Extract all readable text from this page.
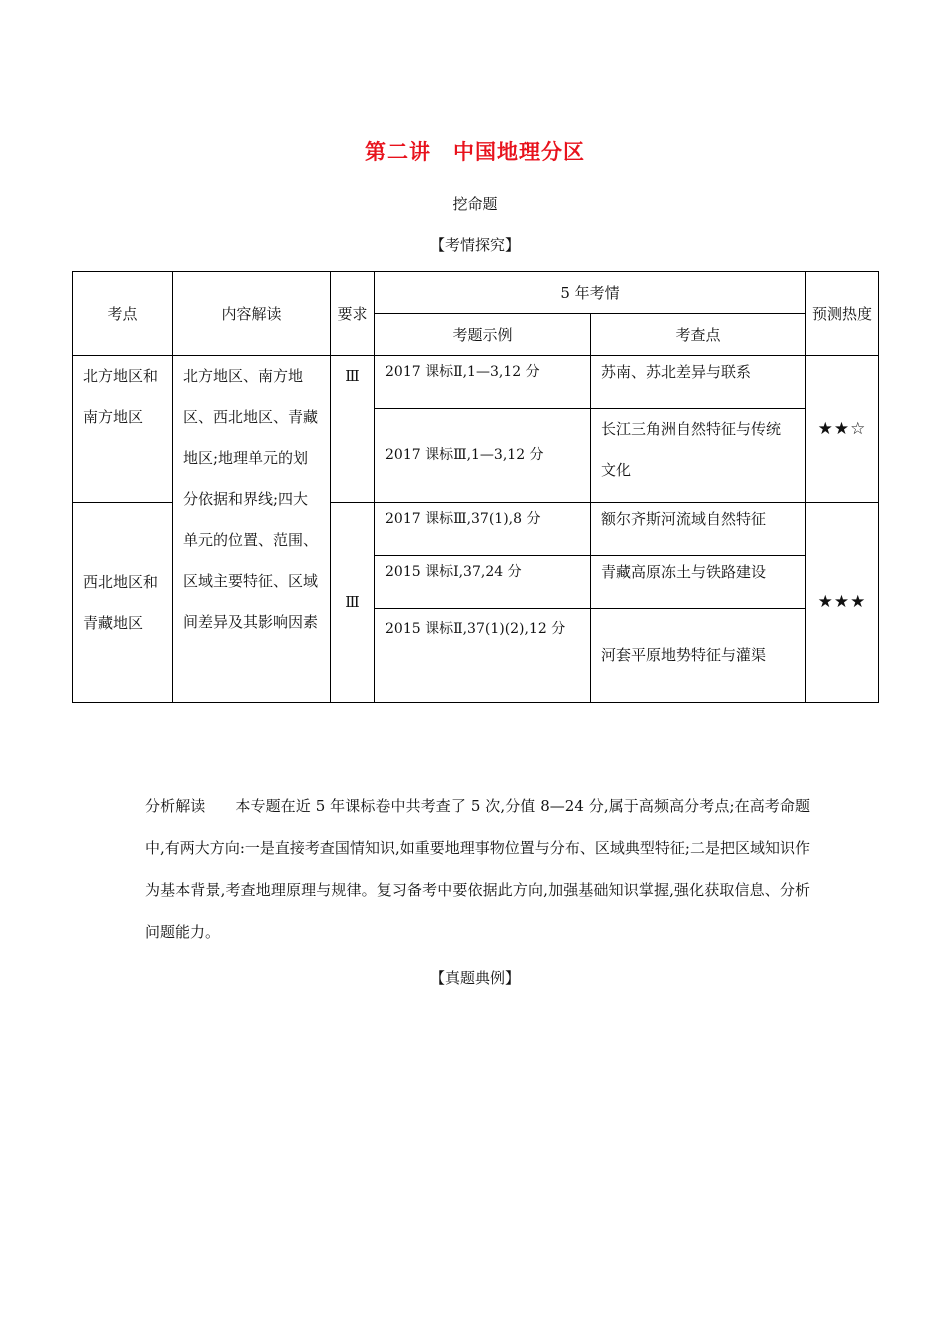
第二讲　中国地理分区
挖命题
【考情探究】
考点	内容解读	要求	5 年考情		预测热度
			考题示例	考查点	
北方地区和南方地区	北方地区、南方地区、西北地区、青藏地区;地理单元的划分依据和界线;四大单元的位置、范围、区域主要特征、区域间差异及其影响因素	Ⅲ	2017 课标Ⅱ,1—3,12 分	苏南、苏北差异与联系	★★☆
			2017 课标Ⅲ,1—3,12 分	长江三角洲自然特征与传统文化	
西北地区和青藏地区		Ⅲ	2017 课标Ⅲ,37(1),8 分	额尔齐斯河流域自然特征	★★★
			2015 课标Ⅰ,37,24 分	青藏高原冻土与铁路建设	
			2015 课标Ⅱ,37(1)(2),12 分	河套平原地势特征与灌渠	
分析解读 本专题在近 5 年课标卷中共考查了 5 次,分值 8—24 分,属于高频高分考点;在高考命题中,有两大方向:一是直接考查国情知识,如重要地理事物位置与分布、区域典型特征;二是把区域知识作为基本背景,考查地理原理与规律。复习备考中要依据此方向,加强基础知识掌握,强化获取信息、分析问题能力。
【真题典例】
